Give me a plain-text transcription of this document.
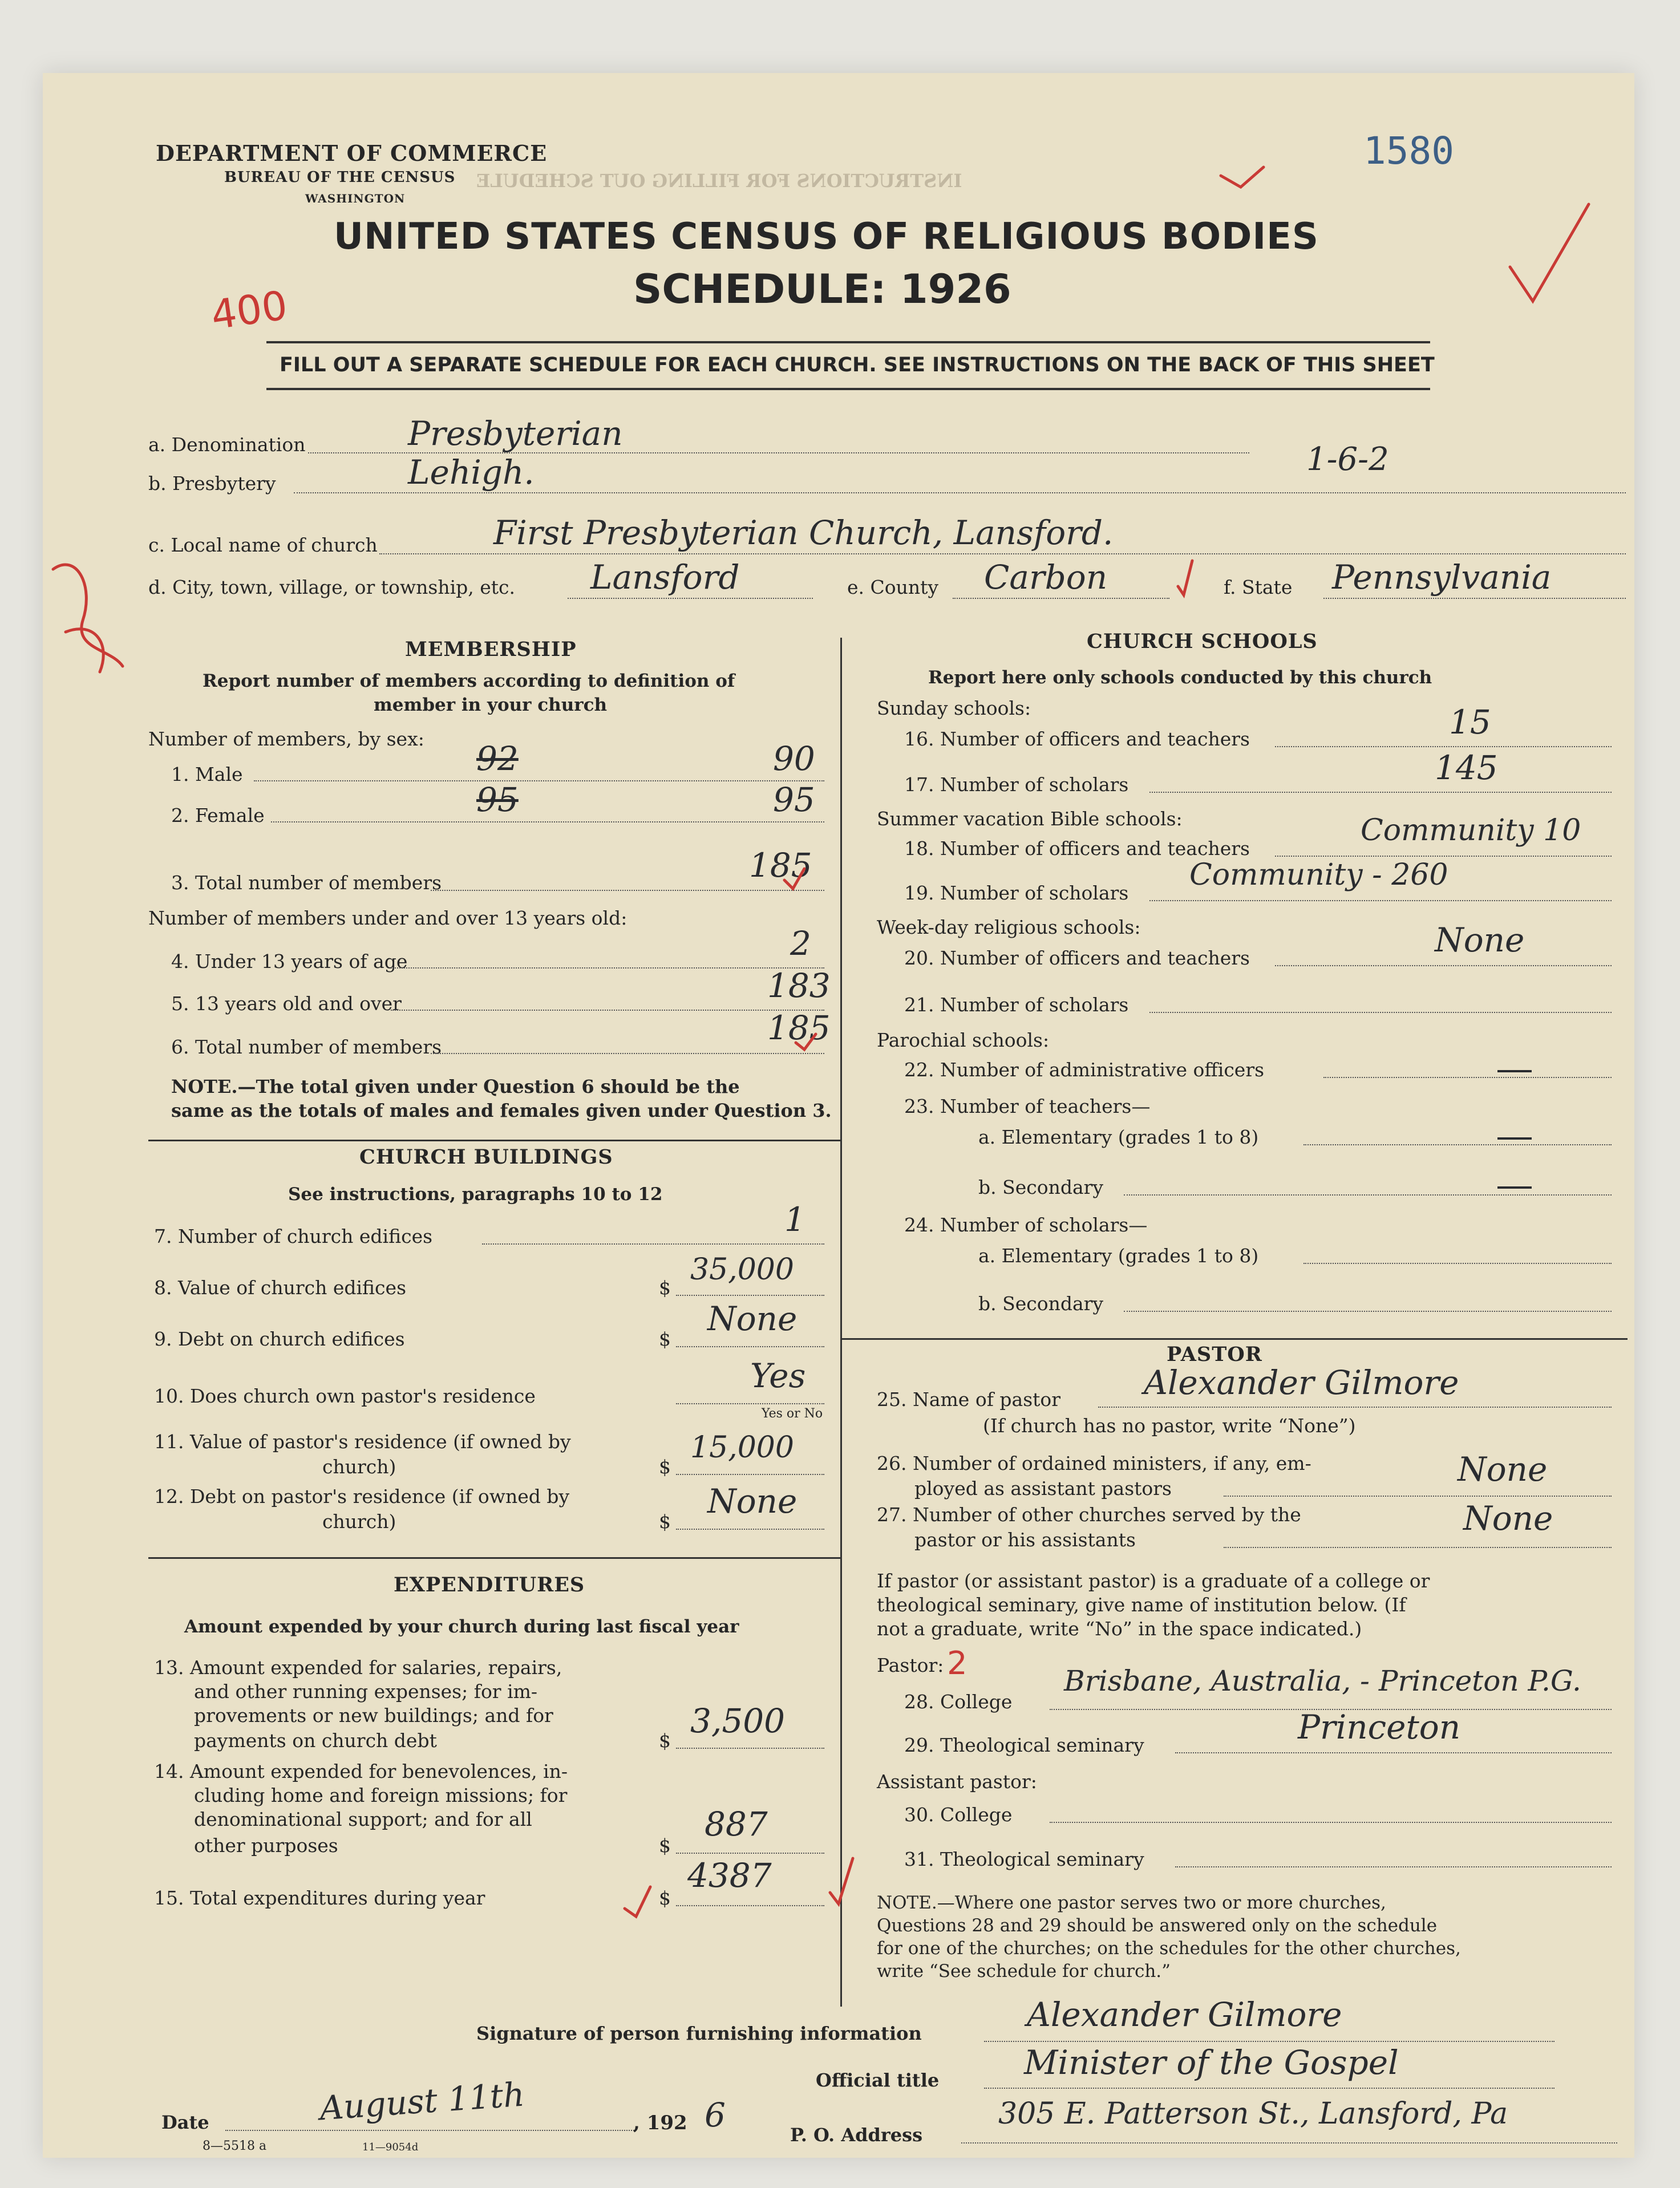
INSTRUCTIONS FOR FILLING OUT SCHEDULE
DEPARTMENT OF COMMERCE
BUREAU OF THE CENSUS
WASHINGTON
UNITED STATES CENSUS OF RELIGIOUS BODIES
SCHEDULE: 1926
1580
400
FILL OUT A SEPARATE SCHEDULE FOR EACH CHURCH. SEE INSTRUCTIONS ON THE BACK OF THIS SHEET
1-6-2
a. Denomination	Presbyterian
b. Presbytery	Lehigh.
c. Local name of church	First Presbyterian Church, Lansford.
d. City, town, village, or township, etc. Lansford	e. County Carbon	f. State Pennsylvania
MEMBERSHIP
Report number of members according to definition of
member in your church
Number of members, by sex:
1. Male	92	90
2. Female	95	95
3. Total number of members	185
Number of members under and over 13 years old:
4. Under 13 years of age	2
5. 13 years old and over	183
6. Total number of members	185
NOTE.—The total given under Question 6 should be the
same as the totals of males and females given under Question 3.
CHURCH BUILDINGS
See instructions, paragraphs 10 to 12
7. Number of church edifices	1
8. Value of church edifices	$
35,000
9. Debt on church edifices	$
None
10. Does church own pastor's residence
Yes
Yes or No
11. Value of pastor's residence (if owned by
church)	$
15,000
12. Debt on pastor's residence (if owned by
church)	$
None
EXPENDITURES
Amount expended by your church during last fiscal year
13. Amount expended for salaries, repairs,
and other running expenses; for im-
provements or new buildings; and for
payments on church debt	$
3,500
14. Amount expended for benevolences, in-
cluding home and foreign missions; for
denominational support; and for all
other purposes	$
887
15. Total expenditures during year	$
4387
CHURCH SCHOOLS
Report here only schools conducted by this church
Sunday schools:
16. Number of officers and teachers	15
17. Number of scholars	145
Summer vacation Bible schools:
18. Number of officers and teachers
Community 10
19. Number of scholars
Community - 260
Week-day religious schools:
20. Number of officers and teachers	None
21. Number of scholars
Parochial schools:
22. Number of administrative officers
23. Number of teachers—
a. Elementary (grades 1 to 8)
b. Secondary
24. Number of scholars—
a. Elementary (grades 1 to 8)
b. Secondary
PASTOR
25. Name of pastor	Alexander Gilmore
(If church has no pastor, write “None”)
26. Number of ordained ministers, if any, em-
ployed as assistant pastors	None
27. Number of other churches served by the
pastor or his assistants
None
If pastor (or assistant pastor) is a graduate of a college or
theological seminary, give name of institution below. (If
not a graduate, write “No” in the space indicated.)
Pastor: 2
28. College
Brisbane, Australia, - Princeton P.G.
29. Theological seminary	Princeton
Assistant pastor:
30. College
31. Theological seminary
NOTE.—Where one pastor serves two or more churches,
Questions 28 and 29 should be answered only on the schedule
for one of the churches; on the schedules for the other churches,
write “See schedule for church.”
Signature of person furnishing information	Alexander Gilmore
Official title	Minister of the Gospel
Date	August 11th	, 192 6
P. O. Address
305 E. Patterson St., Lansford, Pa
8—5518 a	11—9054d
